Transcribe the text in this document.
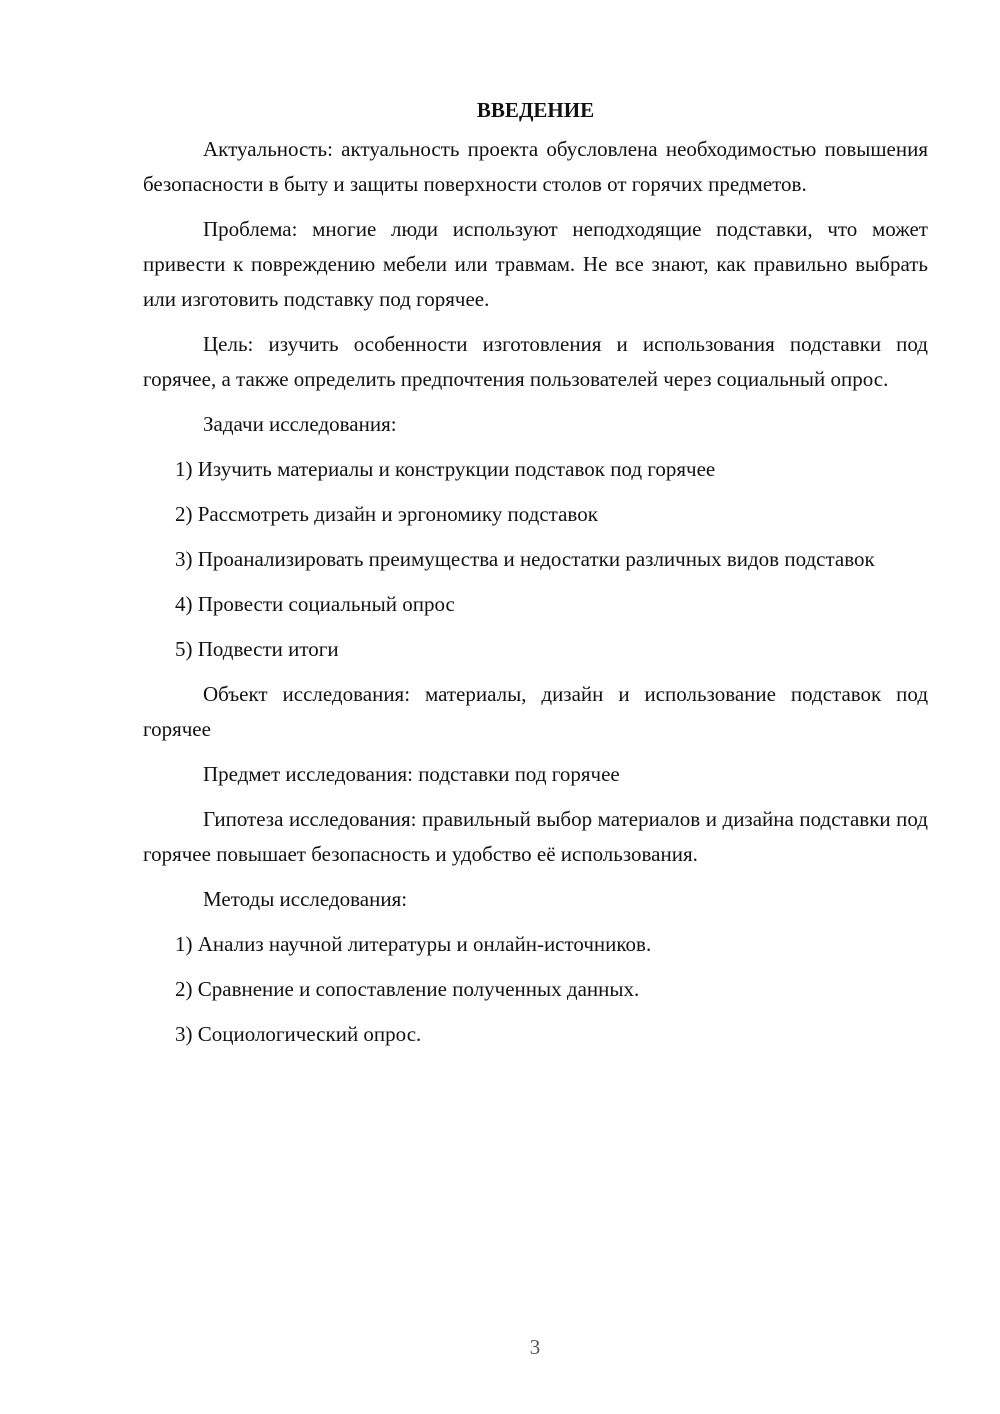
ВВЕДЕНИЕ

Актуальность: актуальность проекта обусловлена необходимостью повышения безопасности в быту и защиты поверхности столов от горячих предметов.

Проблема: многие люди используют неподходящие подставки, что может привести к повреждению мебели или травмам. Не все знают, как правильно выбрать или изготовить подставку под горячее.

Цель: изучить особенности изготовления и использования подставки под горячее, а также определить предпочтения пользователей через социальный опрос.

Задачи исследования:

1) Изучить материалы и конструкции подставок под горячее

2) Рассмотреть дизайн и эргономику подставок

3) Проанализировать преимущества и недостатки различных видов подставок

4) Провести социальный опрос

5) Подвести итоги

Объект исследования: материалы, дизайн и использование подставок под горячее

Предмет исследования: подставки под горячее

Гипотеза исследования: правильный выбор материалов и дизайна подставки под горячее повышает безопасность и удобство её использования.

Методы исследования:

1) Анализ научной литературы и онлайн-источников.

2) Сравнение и сопоставление полученных данных.

3) Социологический опрос.

3
